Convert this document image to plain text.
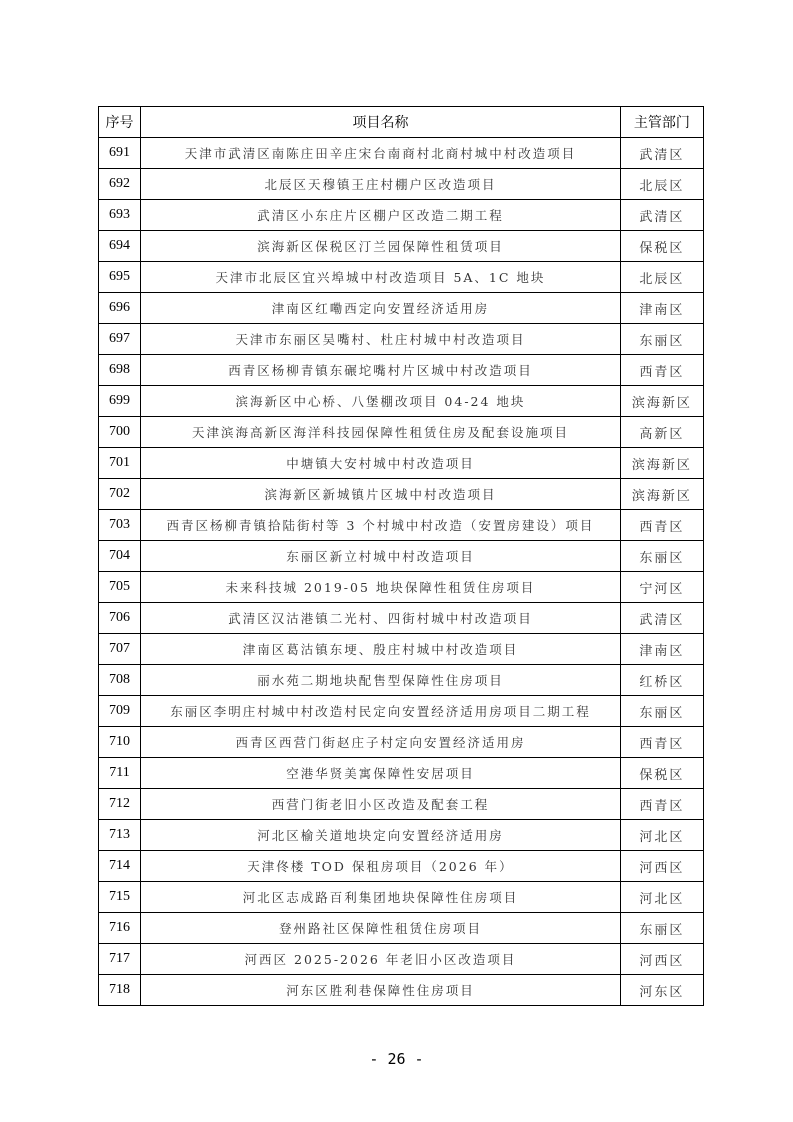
序号	项目名称	主管部门
691	天津市武清区南陈庄田辛庄宋台南商村北商村城中村改造项目	武清区
692	北辰区天穆镇王庄村棚户区改造项目	北辰区
693	武清区小东庄片区棚户区改造二期工程	武清区
694	滨海新区保税区汀兰园保障性租赁项目	保税区
695	天津市北辰区宜兴埠城中村改造项目 5A、1C 地块	北辰区
696	津南区红嘞西定向安置经济适用房	津南区
697	天津市东丽区吴嘴村、杜庄村城中村改造项目	东丽区
698	西青区杨柳青镇东碾坨嘴村片区城中村改造项目	西青区
699	滨海新区中心桥、八堡棚改项目 04-24 地块	滨海新区
700	天津滨海高新区海洋科技园保障性租赁住房及配套设施项目	高新区
701	中塘镇大安村城中村改造项目	滨海新区
702	滨海新区新城镇片区城中村改造项目	滨海新区
703	西青区杨柳青镇拾陆街村等 3 个村城中村改造（安置房建设）项目	西青区
704	东丽区新立村城中村改造项目	东丽区
705	未来科技城 2019-05 地块保障性租赁住房项目	宁河区
706	武清区汉沽港镇二光村、四街村城中村改造项目	武清区
707	津南区葛沽镇东埂、殷庄村城中村改造项目	津南区
708	丽水苑二期地块配售型保障性住房项目	红桥区
709	东丽区李明庄村城中村改造村民定向安置经济适用房项目二期工程	东丽区
710	西青区西营门街赵庄子村定向安置经济适用房	西青区
711	空港华贤美寓保障性安居项目	保税区
712	西营门街老旧小区改造及配套工程	西青区
713	河北区榆关道地块定向安置经济适用房	河北区
714	天津佟楼 TOD 保租房项目（2026 年）	河西区
715	河北区志成路百利集团地块保障性住房项目	河北区
716	登州路社区保障性租赁住房项目	东丽区
717	河西区 2025-2026 年老旧小区改造项目	河西区
718	河东区胜利巷保障性住房项目	河东区
- 26 -
